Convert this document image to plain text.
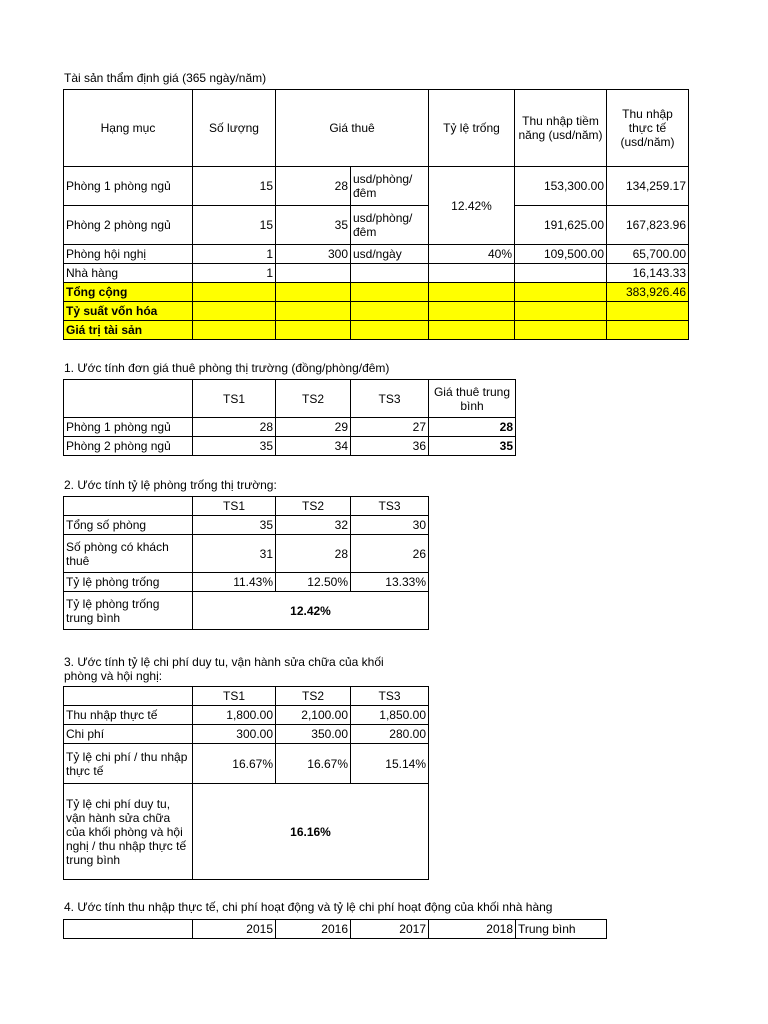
Tài sản thẩm định giá (365 ngày/năm)
Hạng mục	Số lượng	Giá thuê		Tỷ lệ trống	Thu nhập tiềm năng (usd/năm)	Thu nhập thực tế (usd/năm)
Phòng 1 phòng ngủ	15	28	usd/phòng/ đêm	12.42%	153,300.00	134,259.17
Phòng 2 phòng ngủ	15	35	usd/phòng/ đêm		191,625.00	167,823.96
Phòng hội nghị	1	300	usd/ngày	40%	109,500.00	65,700.00
Nhà hàng	1					16,143.33
Tổng cộng						383,926.46
Tỷ suất vốn hóa						
Giá trị tài sản						
1. Ước tính đơn giá thuê phòng thị trường (đồng/phòng/đêm)
	TS1	TS2	TS3	Giá thuê trung bình
Phòng 1 phòng ngủ	28	29	27	28
Phòng 2 phòng ngủ	35	34	36	35
2. Ước tính tỷ lệ phòng trống thị trường:
	TS1	TS2	TS3
Tổng số phòng	35	32	30
Số phòng có khách thuê	31	28	26
Tỷ lệ phòng trống	11.43%	12.50%	13.33%
Tỷ lệ phòng trống trung bình	12.42%		
3. Ước tính tỷ lệ chi phí duy tu, vận hành sửa chữa của khối phòng và hội nghị:
	TS1	TS2	TS3
Thu nhập thực tế	1,800.00	2,100.00	1,850.00
Chi phí	300.00	350.00	280.00
Tỷ lệ chi phí / thu nhập thực tế	16.67%	16.67%	15.14%
Tỷ lệ chi phí duy tu, vận hành sửa chữa của khối phòng và hội nghị / thu nhập thực tế trung bình	16.16%		
4. Ước tính thu nhập thực tế, chi phí hoạt động và tỷ lệ chi phí hoạt động của khối nhà hàng
	2015	2016	2017	2018	Trung bình
